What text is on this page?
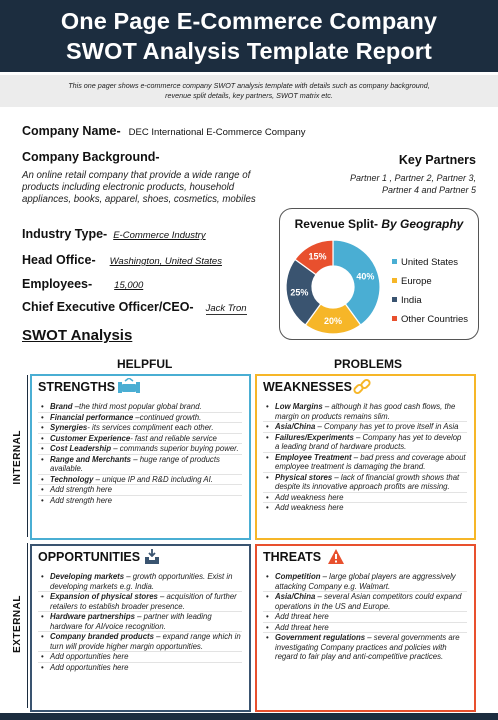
One Page E-Commerce Company
SWOT Analysis Template Report
This one pager shows e-commerce company SWOT analysis template with details such as company background,
revenue split details, key partners, SWOT matrix etc.
Company Name- DEC International E-Commerce Company
Company Background-
An online retail company that provide a wide range of products including electronic products, household appliances, books, apparel, shoes, cosmetics, mobiles
Industry Type- E-Commerce Industry
Head Office- Washington, United States
Employees- 15,000
Chief Executive Officer/CEO- Jack Tron
Key Partners
Partner 1 , Partner 2, Partner 3,
Partner 4 and Partner 5
Revenue Split- By Geography
40%
20%
25%
15%
United States
Europe
India
Other Countries
SWOT Analysis
HELPFUL	PROBLEMS
INTERNAL
EXTERNAL
STRENGTHS
• Brand –the third most popular global brand.
• Financial performance –continued growth.
• Synergies- its services compliment each other.
• Customer Experience- fast and reliable service
• Cost Leadership – commands superior buying power.
• Range and Merchants – huge range of products available.
• Technology – unique IP and R&D including AI.
• Add strength here
• Add strength here
WEAKNESSES
• Low Margins – although it has good cash flows, the margin on products remains slim.
• Asia/China – Company has yet to prove itself in Asia
• Failures/Experiments – Company has yet to develop a leading brand of hardware products.
• Employee Treatment – bad press and coverage about employee treatment is damaging the brand.
• Physical stores – lack of financial growth shows that despite its innovative approach profits are missing.
• Add weakness here
• Add weakness here
OPPORTUNITIES
• Developing markets – growth opportunities. Exist in developing markets e.g. India.
• Expansion of physical stores – acquisition of further retailers to establish broader presence.
• Hardware partnerships – partner with leading hardware for AI/voice recognition.
• Company branded products – expand range which in turn will provide higher margin opportunities.
• Add opportunities here
• Add opportunities here
THREATS
• Competition – large global players are aggressively attacking Company e.g. Walmart.
• Asia/China – several Asian competitors could expand operations in the US and Europe.
• Add threat here
• Add threat here
• Government regulations – several governments are investigating Company practices and policies with regard to fair play and anti-competitive practices.
